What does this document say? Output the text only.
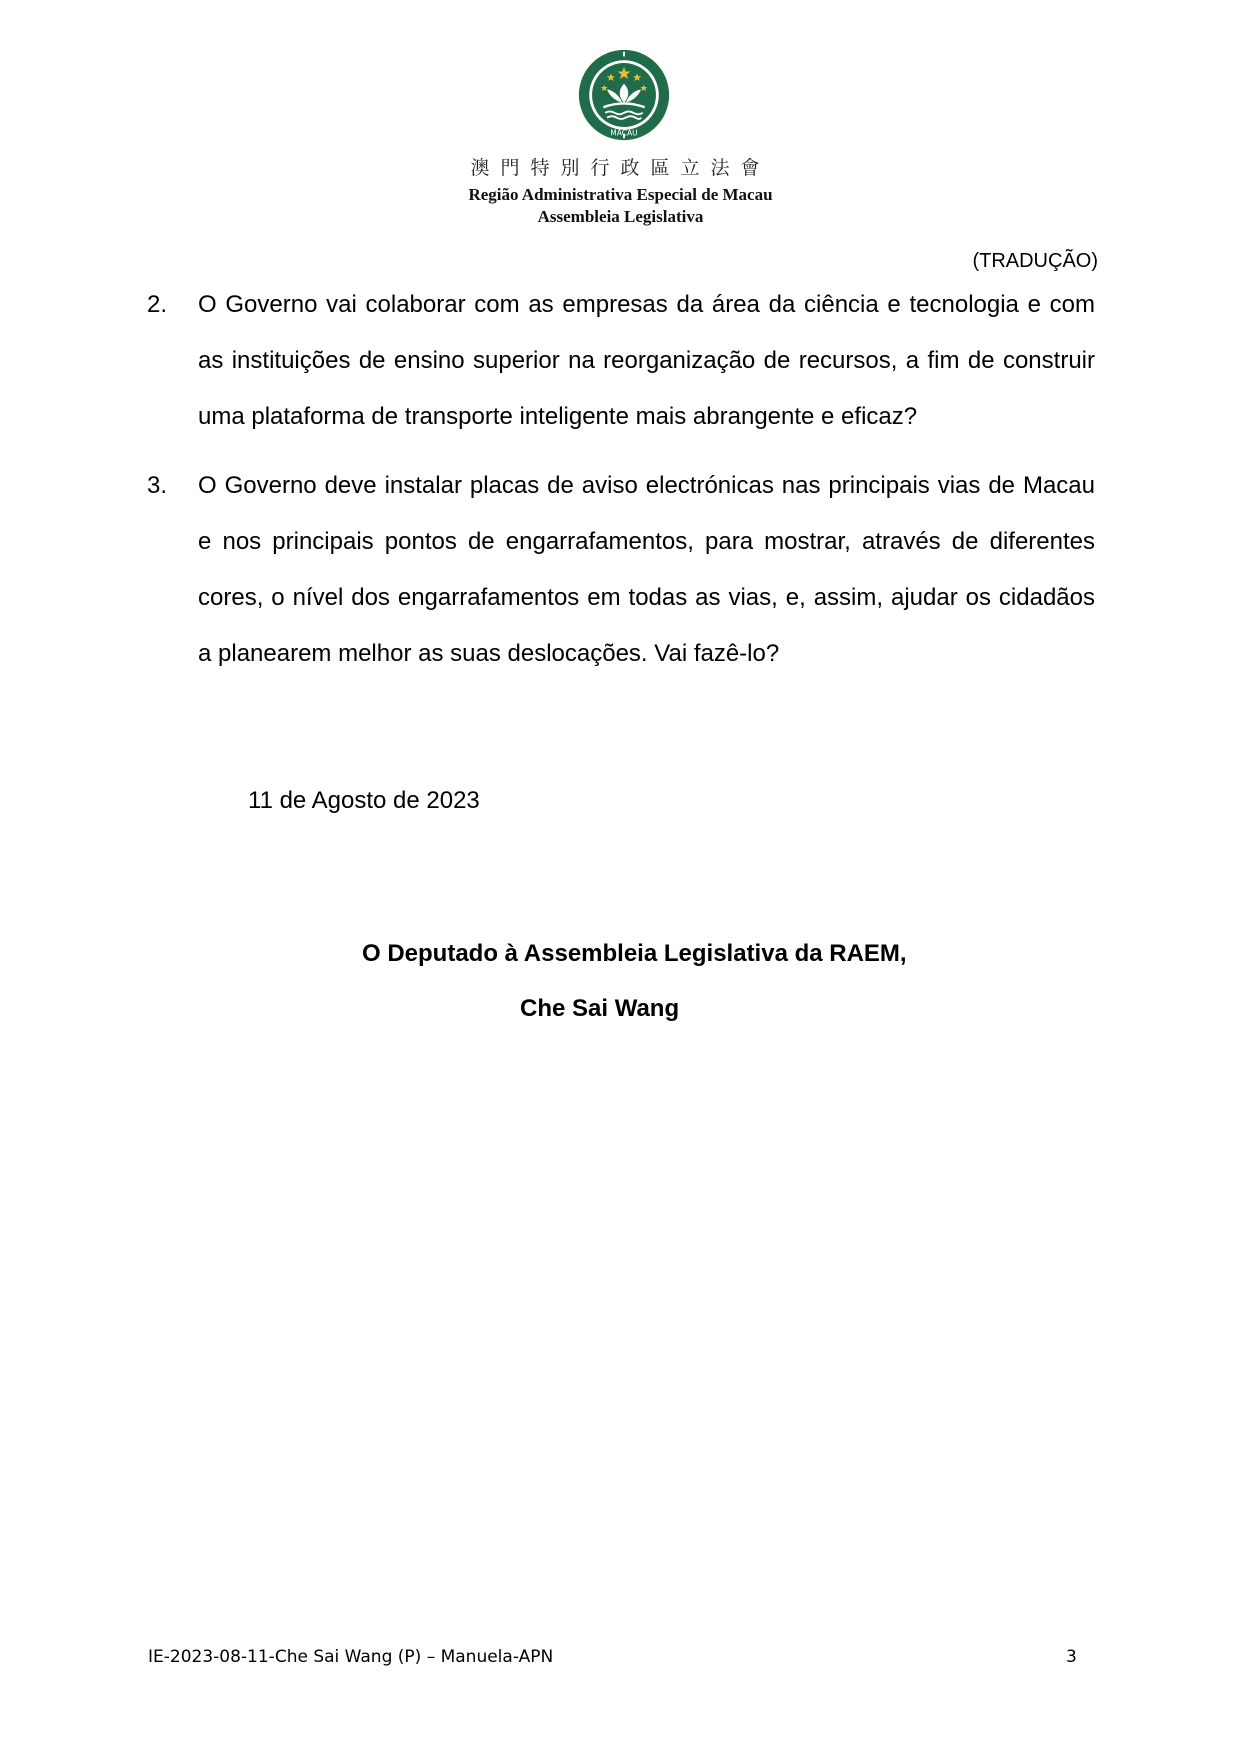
MACAU
澳門特別行政區立法會
Região Administrativa Especial de Macau
Assembleia Legislativa
(TRADUÇÃO)
2. O Governo vai colaborar com as empresas da área da ciência e tecnologia e com as instituições de ensino superior na reorganização de recursos, a fim de construir uma plataforma de transporte inteligente mais abrangente e eficaz?
3. O Governo deve instalar placas de aviso electrónicas nas principais vias de Macau e nos principais pontos de engarrafamentos, para mostrar, através de diferentes cores, o nível dos engarrafamentos em todas as vias, e, assim, ajudar os cidadãos a planearem melhor as suas deslocações. Vai fazê-lo?
11 de Agosto de 2023
O Deputado à Assembleia Legislativa da RAEM,
Che Sai Wang
IE-2023-08-11-Che Sai Wang (P) – Manuela-APN	3
